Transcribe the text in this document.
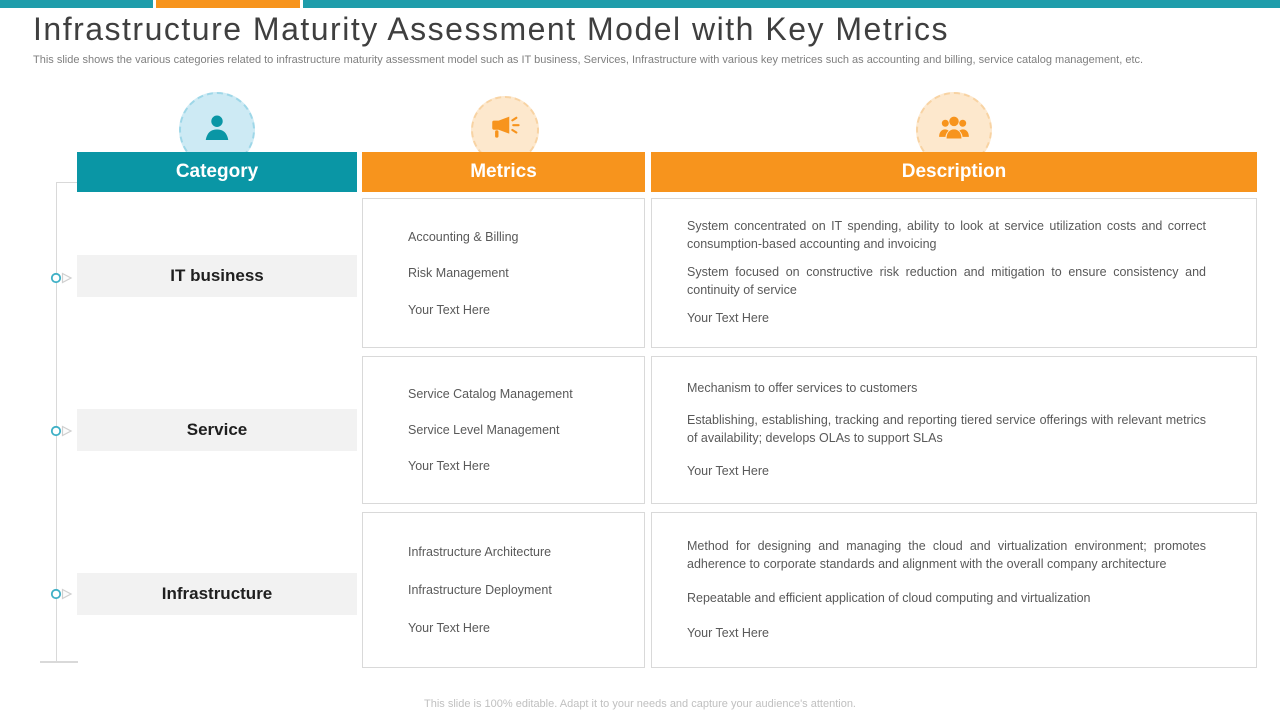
Infrastructure Maturity Assessment Model with Key Metrics
This slide shows the various categories related to infrastructure maturity assessment model such as IT business, Services, Infrastructure with various key metrices such as accounting and billing, service catalog management, etc.
Category	Metrics	Description
IT business
Accounting & Billing
Risk Management
Your Text Here
System concentrated on IT spending, ability to look at service utilization costs and correct consumption-based accounting and invoicing
System focused on constructive risk reduction and mitigation to ensure consistency and continuity of service
Your Text Here
Service
Service Catalog Management
Service Level Management
Your Text Here
Mechanism to offer services to customers
Establishing, establishing, tracking and reporting tiered service offerings with relevant metrics of availability; develops OLAs to support SLAs
Your Text Here
Infrastructure
Infrastructure Architecture
Infrastructure Deployment
Your Text Here
Method for designing and managing the cloud and virtualization environment; promotes adherence to corporate standards and alignment with the overall company architecture
Repeatable and efficient application of cloud computing and virtualization
Your Text Here
This slide is 100% editable. Adapt it to your needs and capture your audience's attention.
